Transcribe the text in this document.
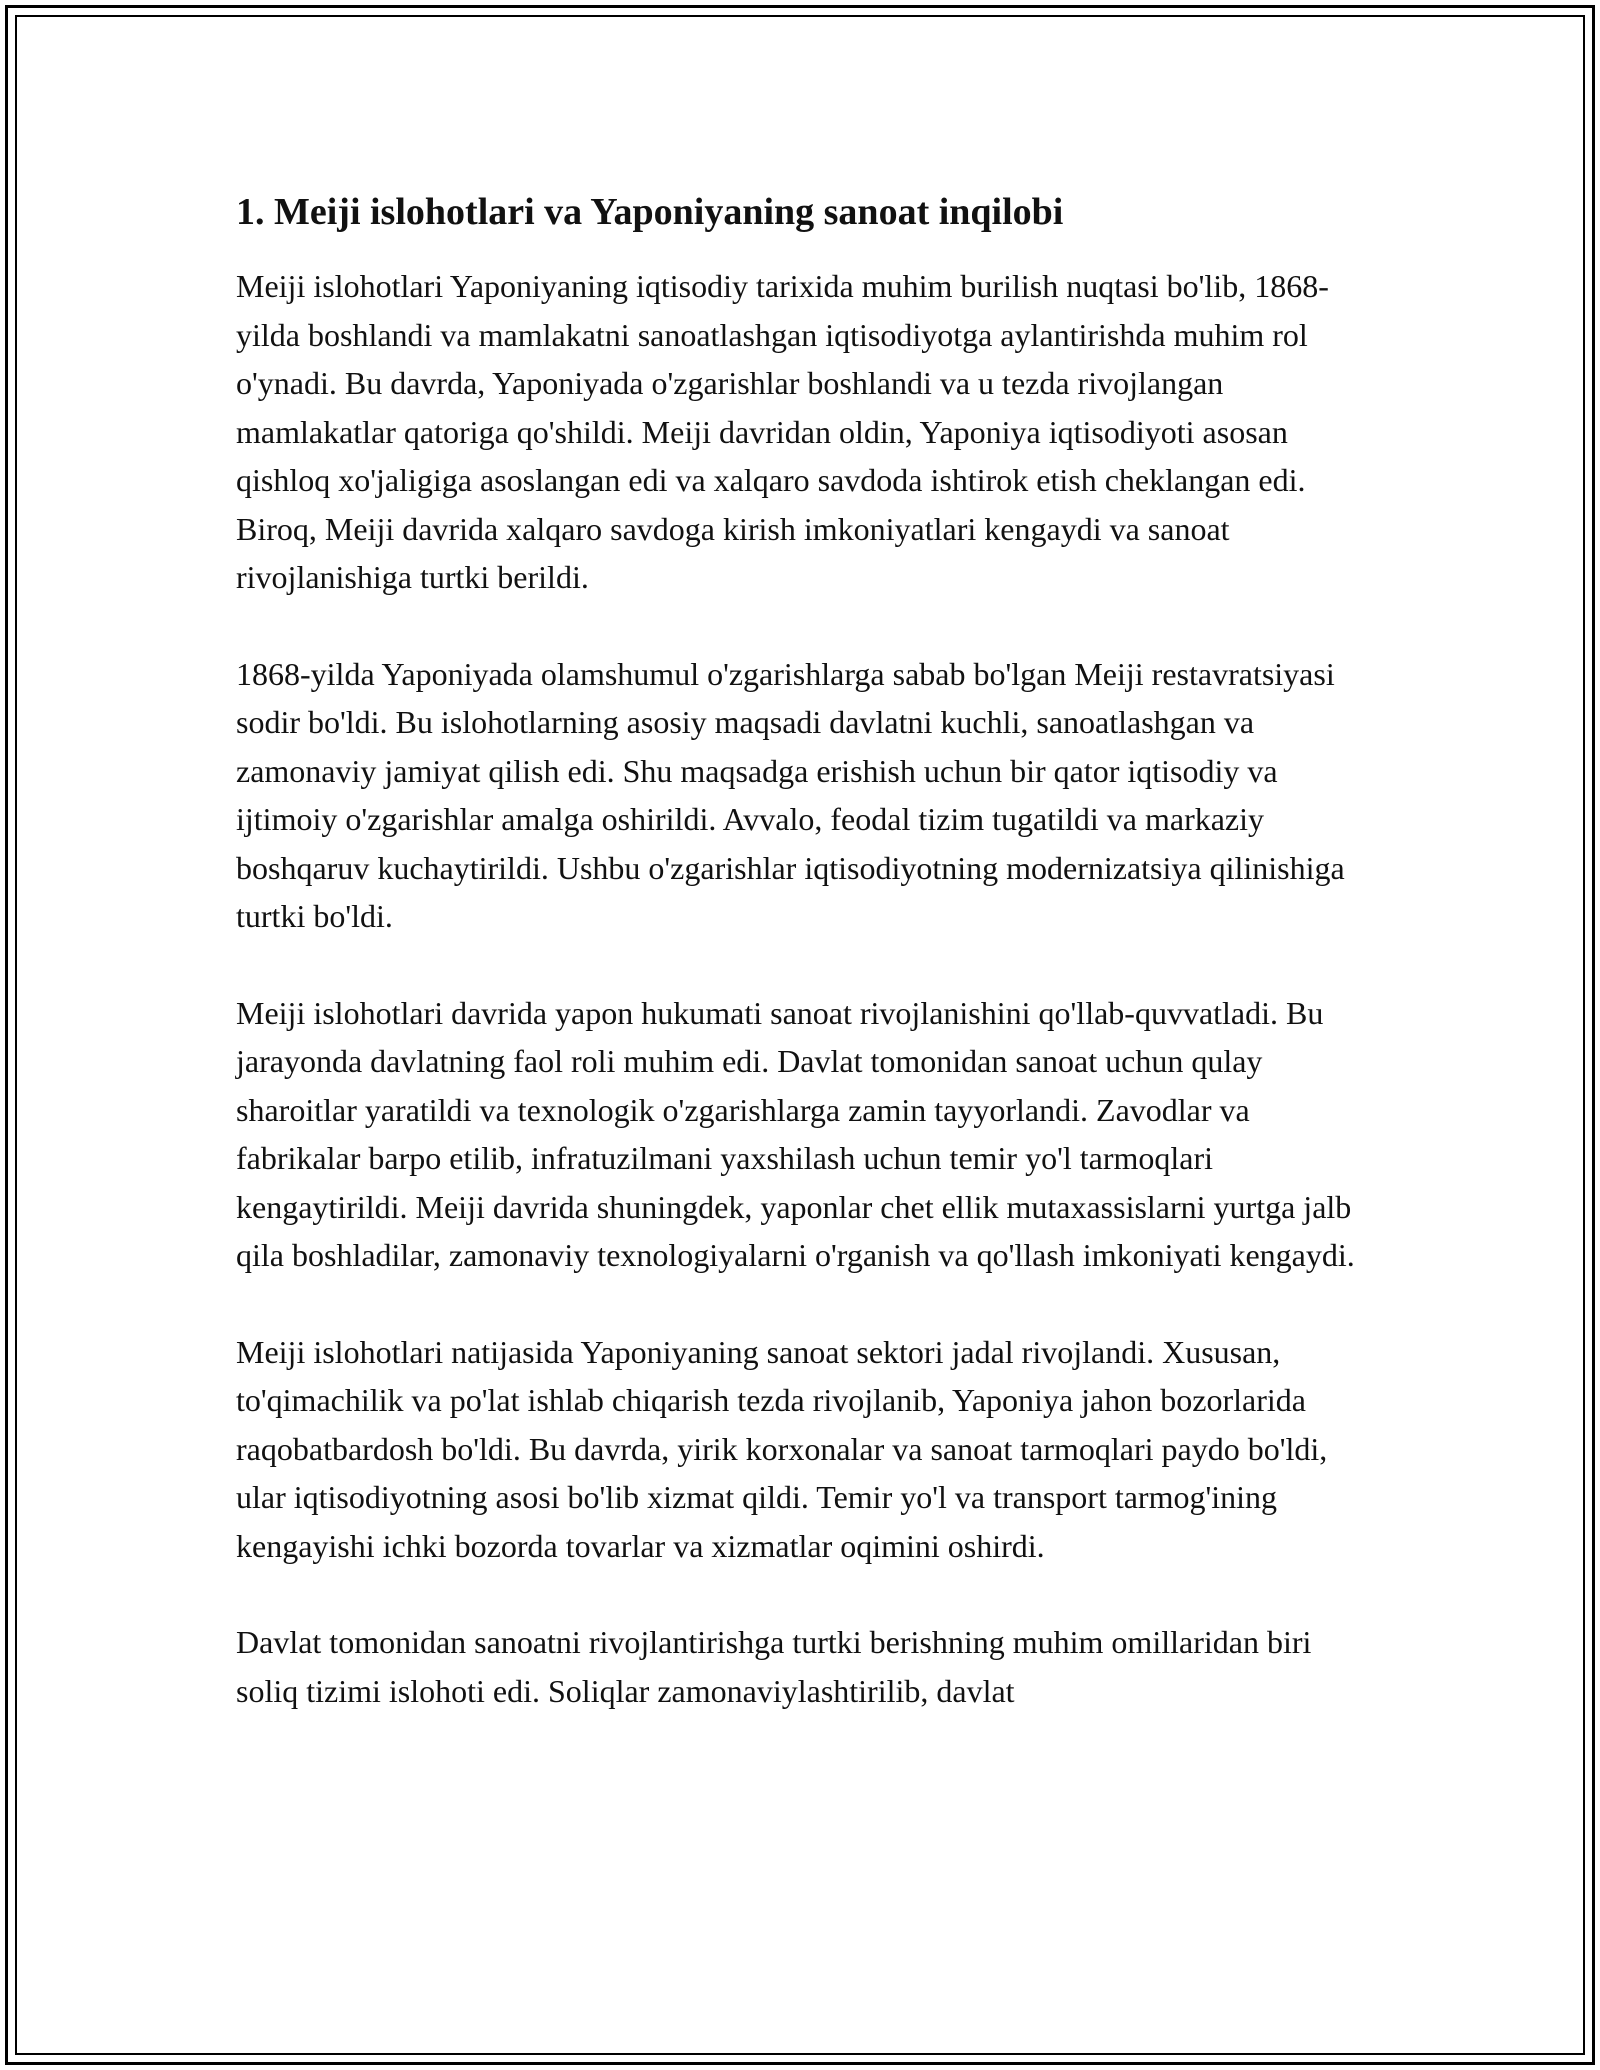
1. Meiji islohotlari va Yaponiyaning sanoat inqilobi

Meiji islohotlari Yaponiyaning iqtisodiy tarixida muhim burilish nuqtasi bo'lib, 1868-yilda boshlandi va mamlakatni sanoatlashgan iqtisodiyotga aylantirishda muhim rol o'ynadi. Bu davrda, Yaponiyada o'zgarishlar boshlandi va u tezda rivojlangan mamlakatlar qatoriga qo'shildi. Meiji davridan oldin, Yaponiya iqtisodiyoti asosan qishloq xo'jaligiga asoslangan edi va xalqaro savdoda ishtirok etish cheklangan edi. Biroq, Meiji davrida xalqaro savdoga kirish imkoniyatlari kengaydi va sanoat rivojlanishiga turtki berildi.

1868-yilda Yaponiyada olamshumul o'zgarishlarga sabab bo'lgan Meiji restavratsiyasi sodir bo'ldi. Bu islohotlarning asosiy maqsadi davlatni kuchli, sanoatlashgan va zamonaviy jamiyat qilish edi. Shu maqsadga erishish uchun bir qator iqtisodiy va ijtimoiy o'zgarishlar amalga oshirildi. Avvalo, feodal tizim tugatildi va markaziy boshqaruv kuchaytirildi. Ushbu o'zgarishlar iqtisodiyotning modernizatsiya qilinishiga turtki bo'ldi.

Meiji islohotlari davrida yapon hukumati sanoat rivojlanishini qo'llab-quvvatladi. Bu jarayonda davlatning faol roli muhim edi. Davlat tomonidan sanoat uchun qulay sharoitlar yaratildi va texnologik o'zgarishlarga zamin tayyorlandi. Zavodlar va fabrikalar barpo etilib, infratuzilmani yaxshilash uchun temir yo'l tarmoqlari kengaytirildi. Meiji davrida shuningdek, yaponlar chet ellik mutaxassislarni yurtga jalb qila boshladilar, zamonaviy texnologiyalarni o'rganish va qo'llash imkoniyati kengaydi.

Meiji islohotlari natijasida Yaponiyaning sanoat sektori jadal rivojlandi. Xususan, to'qimachilik va po'lat ishlab chiqarish tezda rivojlanib, Yaponiya jahon bozorlarida raqobatbardosh bo'ldi. Bu davrda, yirik korxonalar va sanoat tarmoqlari paydo bo'ldi, ular iqtisodiyotning asosi bo'lib xizmat qildi. Temir yo'l va transport tarmog'ining kengayishi ichki bozorda tovarlar va xizmatlar oqimini oshirdi.

Davlat tomonidan sanoatni rivojlantirishga turtki berishning muhim omillaridan biri soliq tizimi islohoti edi. Soliqlar zamonaviylashtirilib, davlat
